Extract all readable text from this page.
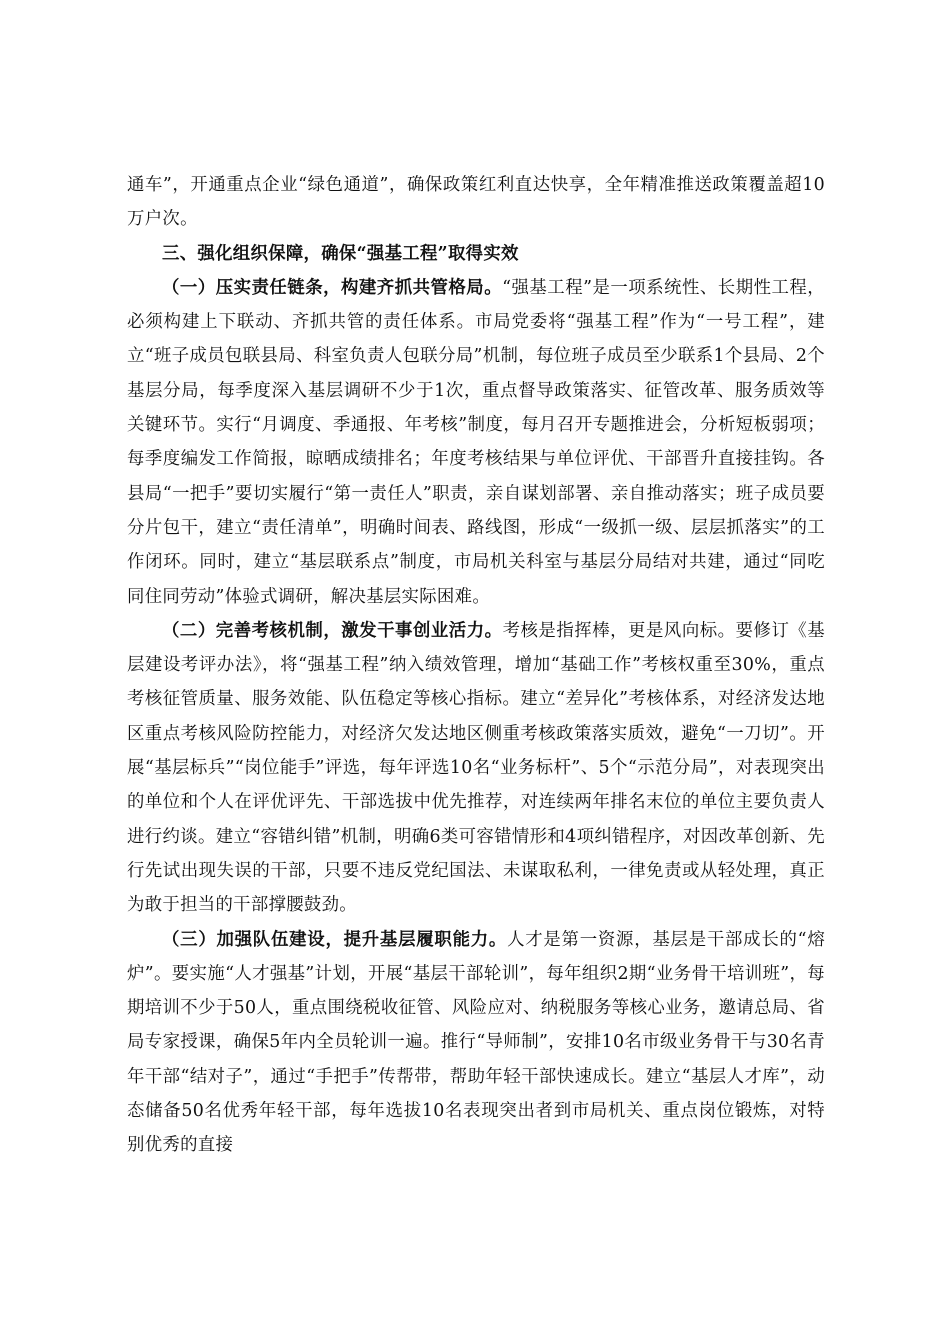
通车”，开通重点企业“绿色通道”，确保政策红利直达快享，全年精准推送政策覆盖超10万户次。

三、强化组织保障，确保“强基工程”取得实效

（一）压实责任链条，构建齐抓共管格局。“强基工程”是一项系统性、长期性工程，必须构建上下联动、齐抓共管的责任体系。市局党委将“强基工程”作为“一号工程”，建立“班子成员包联县局、科室负责人包联分局”机制，每位班子成员至少联系1个县局、2个基层分局，每季度深入基层调研不少于1次，重点督导政策落实、征管改革、服务质效等关键环节。实行“月调度、季通报、年考核”制度，每月召开专题推进会，分析短板弱项；每季度编发工作简报，晾晒成绩排名；年度考核结果与单位评优、干部晋升直接挂钩。各县局“一把手”要切实履行“第一责任人”职责，亲自谋划部署、亲自推动落实；班子成员要分片包干，建立“责任清单”，明确时间表、路线图，形成“一级抓一级、层层抓落实”的工作闭环。同时，建立“基层联系点”制度，市局机关科室与基层分局结对共建，通过“同吃同住同劳动”体验式调研，解决基层实际困难。

（二）完善考核机制，激发干事创业活力。考核是指挥棒，更是风向标。要修订《基层建设考评办法》，将“强基工程”纳入绩效管理，增加“基础工作”考核权重至30%，重点考核征管质量、服务效能、队伍稳定等核心指标。建立“差异化”考核体系，对经济发达地区重点考核风险防控能力，对经济欠发达地区侧重考核政策落实质效，避免“一刀切”。开展“基层标兵”“岗位能手”评选，每年评选10名“业务标杆”、5个“示范分局”，对表现突出的单位和个人在评优评先、干部选拔中优先推荐，对连续两年排名末位的单位主要负责人进行约谈。建立“容错纠错”机制，明确6类可容错情形和4项纠错程序，对因改革创新、先行先试出现失误的干部，只要不违反党纪国法、未谋取私利，一律免责或从轻处理，真正为敢于担当的干部撑腰鼓劲。

（三）加强队伍建设，提升基层履职能力。人才是第一资源，基层是干部成长的“熔炉”。要实施“人才强基”计划，开展“基层干部轮训”，每年组织2期“业务骨干培训班”，每期培训不少于50人，重点围绕税收征管、风险应对、纳税服务等核心业务，邀请总局、省局专家授课，确保5年内全员轮训一遍。推行“导师制”，安排10名市级业务骨干与30名青年干部“结对子”，通过“手把手”传帮带，帮助年轻干部快速成长。建立“基层人才库”，动态储备50名优秀年轻干部，每年选拔10名表现突出者到市局机关、重点岗位锻炼，对特别优秀的直接
